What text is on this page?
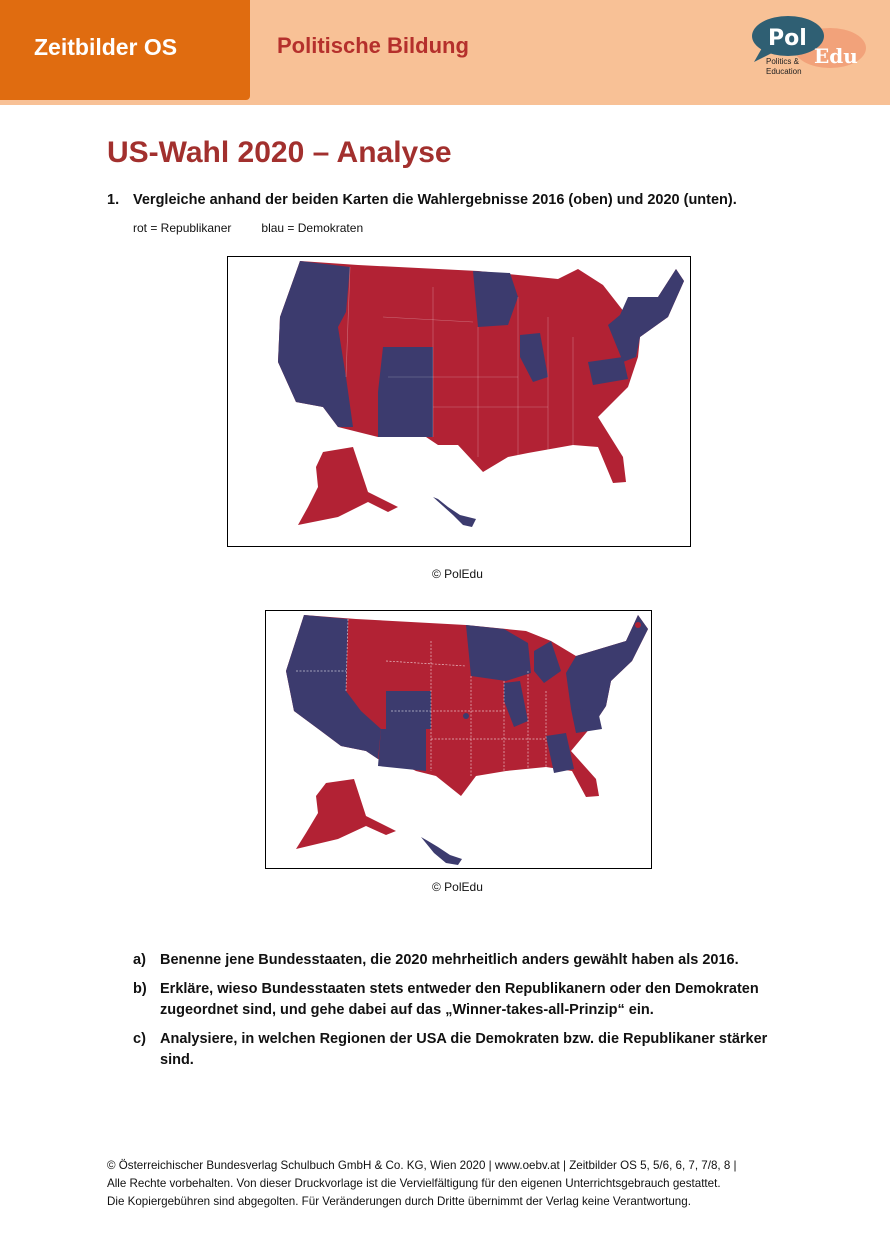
Zeitbilder OS	Politische Bildung	Pol
Edu
Politics &
Education
US-Wahl 2020 – Analyse
1. Vergleiche anhand der beiden Karten die Wahlergebnisse 2016 (oben) und 2020 (unten).
rot = Republikaner	blau = Demokraten
© PolEdu
© PolEdu
a) Benenne jene Bundesstaaten, die 2020 mehrheitlich anders gewählt haben als 2016.
b) Erkläre, wieso Bundesstaaten stets entweder den Republikanern oder den Demokraten zugeordnet sind, und gehe dabei auf das „Winner-takes-all-Prinzip“ ein.
c) Analysiere, in welchen Regionen der USA die Demokraten bzw. die Republikaner stärker sind.
© Österreichischer Bundesverlag Schulbuch GmbH & Co. KG, Wien 2020 | www.oebv.at | Zeitbilder OS 5, 5/6, 6, 7, 7/8, 8 |
Alle Rechte vorbehalten. Von dieser Druckvorlage ist die Vervielfältigung für den eigenen Unterrichtsgebrauch gestattet.
Die Kopiergebühren sind abgegolten. Für Veränderungen durch Dritte übernimmt der Verlag keine Verantwortung.
